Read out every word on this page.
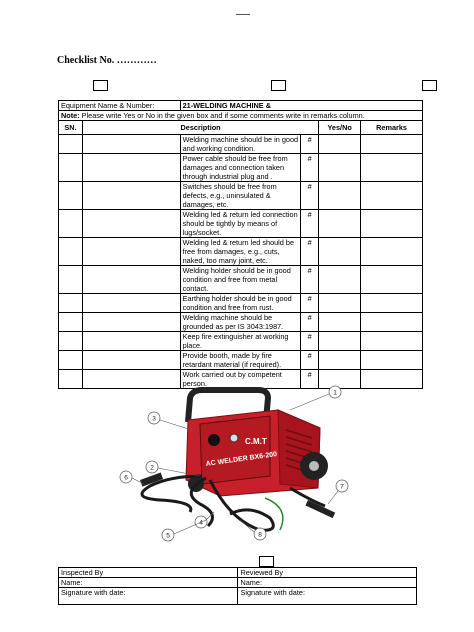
Checklist No. …………
Equipment Name & Number:		21-WELDING MACHINE &			
Note: Please write Yes or No in the given box and if some comments write in remarks column.					
SN.	Description			Yes/No	Remarks
		Welding machine should be in good and working condition.	#		
		Power cable should be free from damages and connection taken through industrial plug and .	#		
		Switches should be free from defects, e.g., uninsulated & damages, etc.	#		
		Welding led & return led connection should be tightly by means of lugs/socket.	#		
		Welding led & return led should be free from damages, e.g., cuts, naked, too many joint, etc.	#		
		Welding holder should be in good condition and free from metal contact.	#		
		Earthing holder should be in good condition and free from rust.	#		
		Welding machine should be grounded as per IS 3043:1987.	#		
		Keep fire extinguisher at working place.	#		
		Provide booth, made by fire retardant material (if required).	#		
		Work carried out by competent person.	#		
C.M.T
AC WELDER BX6-200
1
2
3
4
5
6
7
8
Inspected By	Reviewed By
Name:	Name:
Signature with date:	Signature with date:
